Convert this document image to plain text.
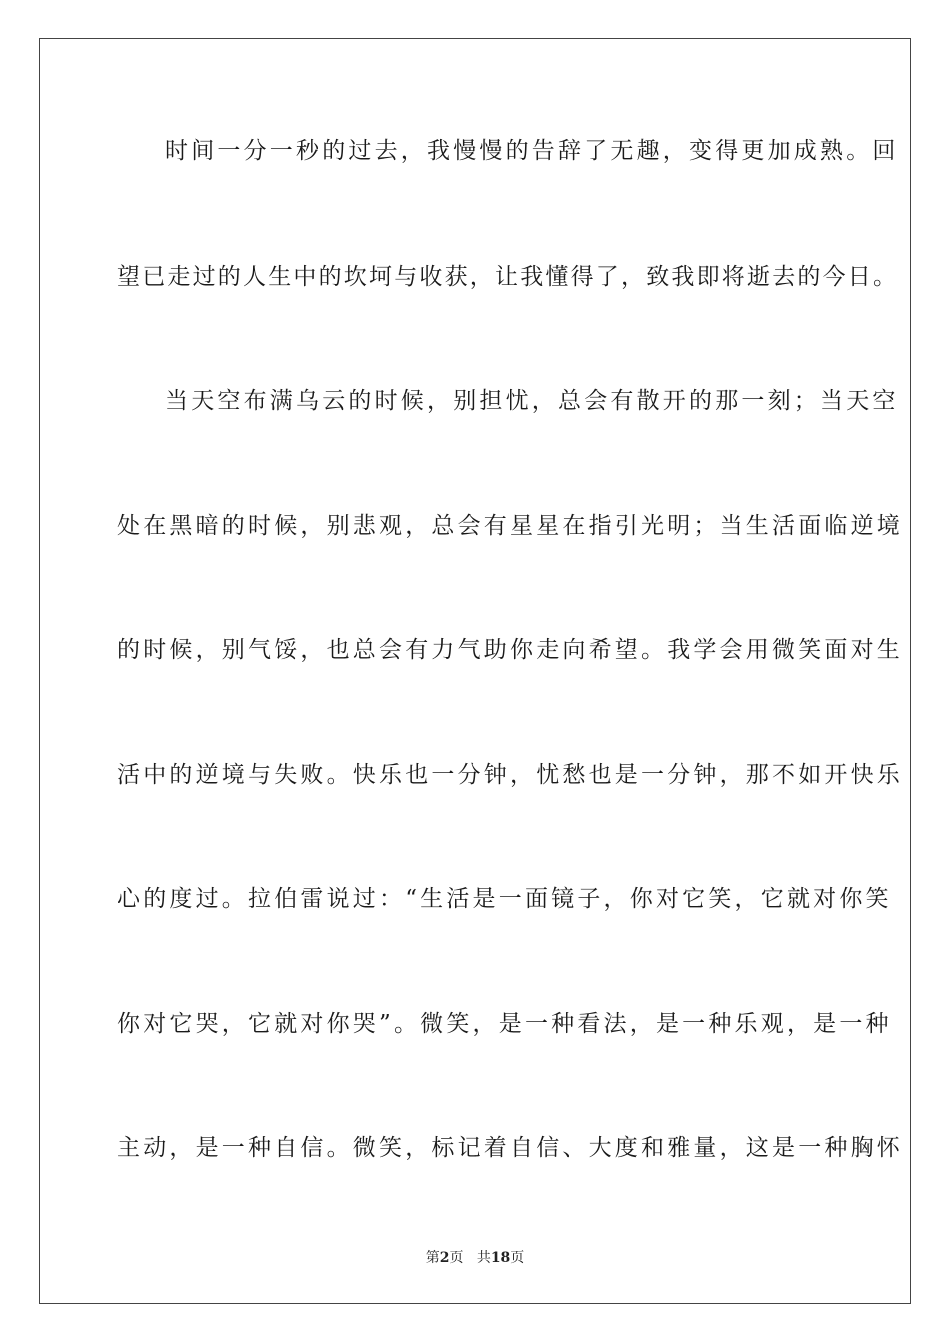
时间一分一秒的过去，我慢慢的告辞了无趣，变得更加成熟。回
望已走过的人生中的坎坷与收获，让我懂得了，致我即将逝去的今日。
当天空布满乌云的时候，别担忧，总会有散开的那一刻；当天空
处在黑暗的时候，别悲观，总会有星星在指引光明；当生活面临逆境
的时候，别气馁，也总会有力气助你走向希望。我学会用微笑面对生
活中的逆境与失败。快乐也一分钟，忧愁也是一分钟，那不如开快乐
心的度过。拉伯雷说过：“生活是一面镜子，你对它笑，它就对你笑
你对它哭，它就对你哭”。微笑，是一种看法，是一种乐观，是一种
主动，是一种自信。微笑，标记着自信、大度和雅量，这是一种胸怀
第2页 共18页
